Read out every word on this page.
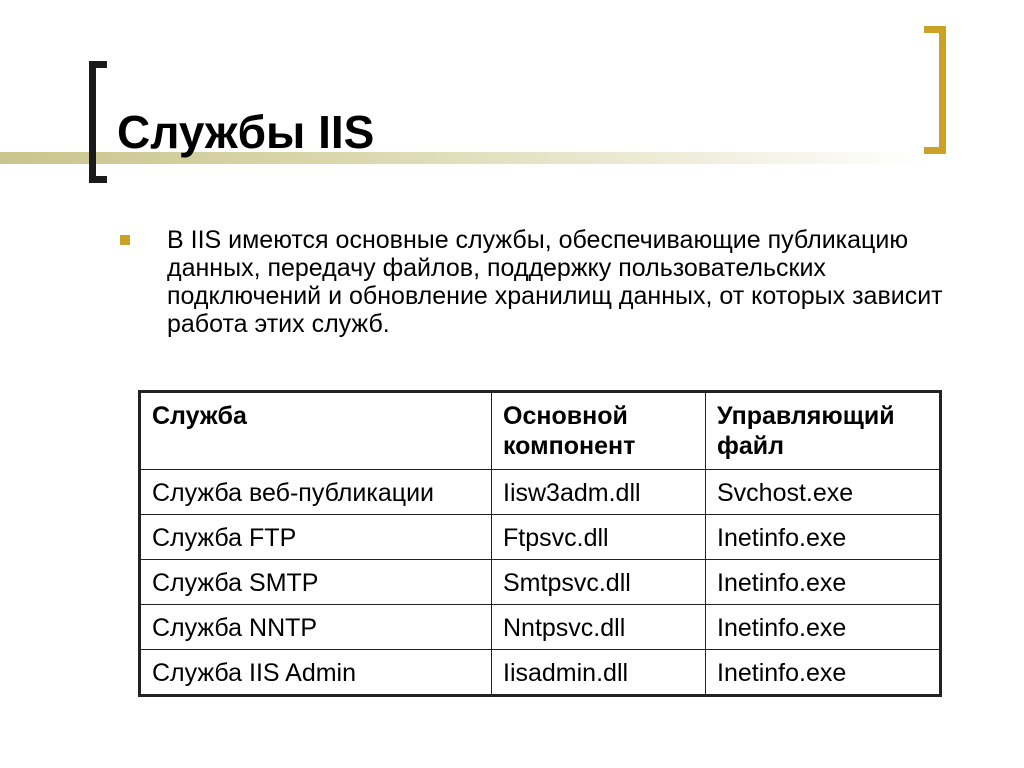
Службы IIS

В IIS имеются основные службы, обеспечивающие публикацию данных, передачу файлов, поддержку пользовательских подключений и обновление хранилищ данных, от которых зависит работа этих служб.

Служба	Основной компонент	Управляющий файл
Служба веб-публикации	Iisw3adm.dll	Svchost.exe
Служба FTP	Ftpsvc.dll	Inetinfo.exe
Служба SMTP	Smtpsvc.dll	Inetinfo.exe
Служба NNTP	Nntpsvc.dll	Inetinfo.exe
Служба IIS Admin	Iisadmin.dll	Inetinfo.exe
